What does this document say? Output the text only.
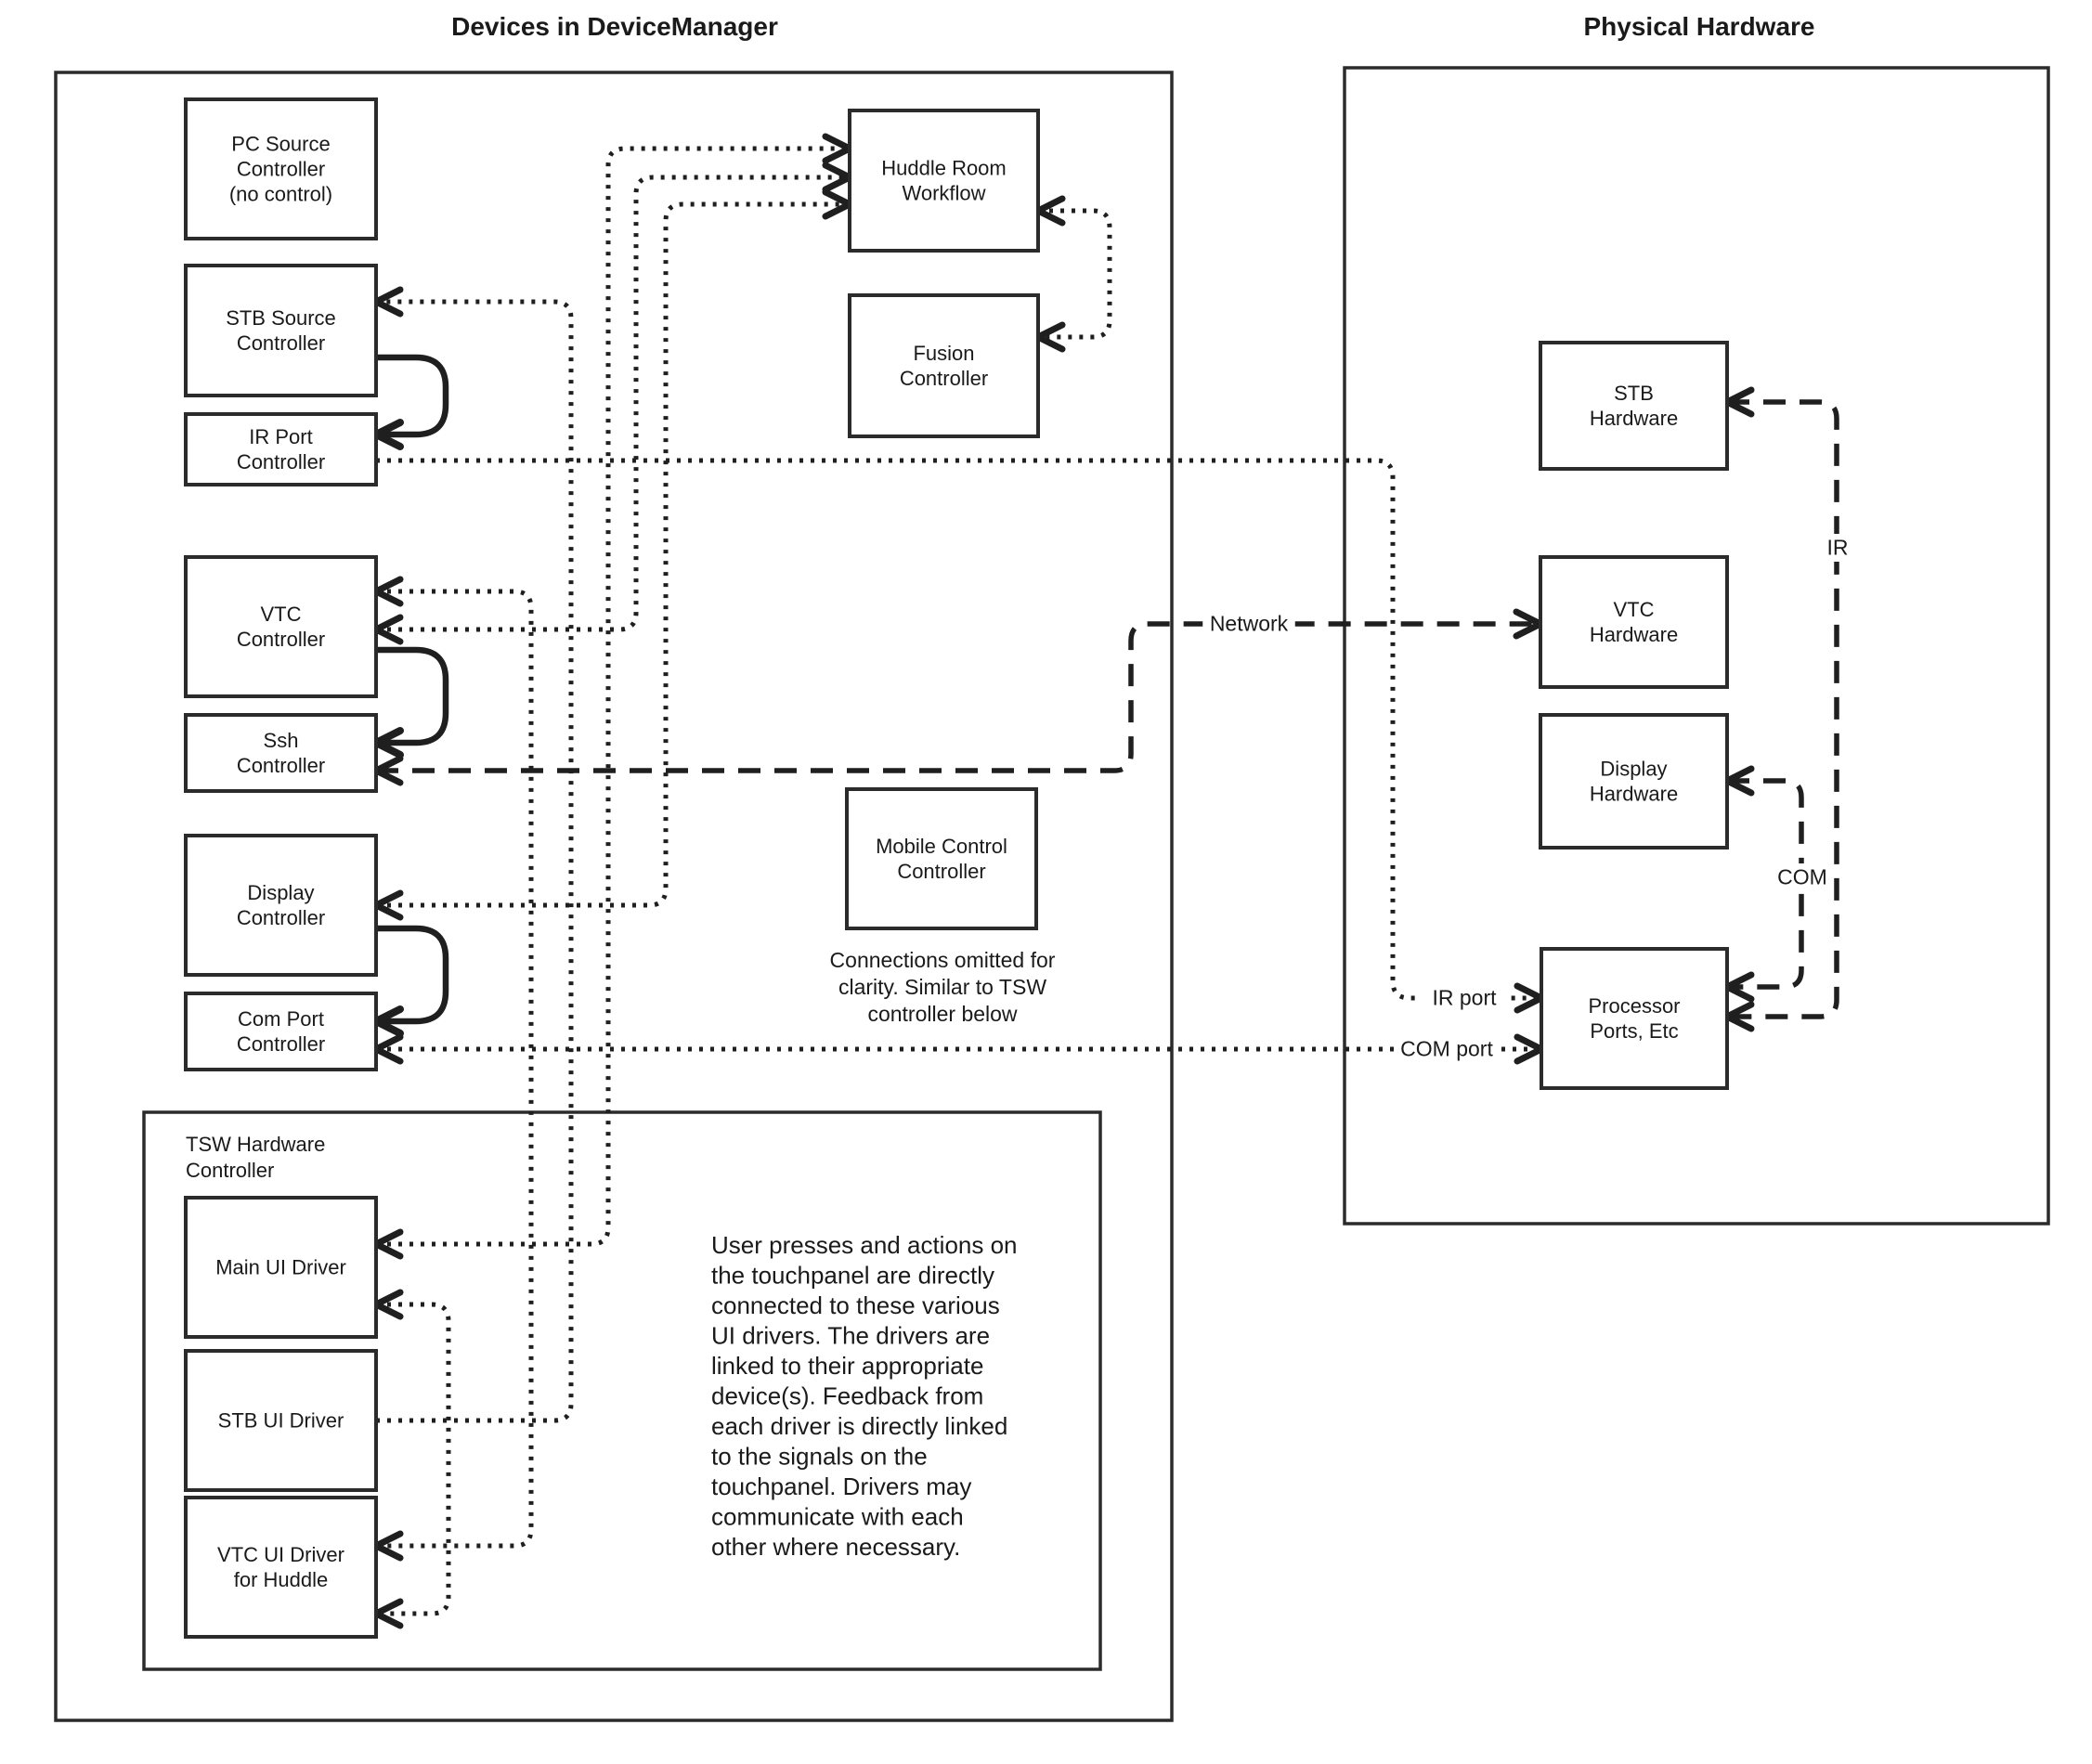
TSW Hardware Controller
Devices in DeviceManager	Physical Hardware
PC Source Controller (no control)
STB Source Controller
IR Port Controller
VTC Controller
Ssh Controller
Display Controller
Com Port Controller
Main UI Driver
STB UI Driver
VTC UI Driver for Huddle
Huddle Room Workflow
Fusion Controller
Mobile Control Controller
STB Hardware
VTC Hardware
Display Hardware
Processor Ports, Etc
Connections omitted for clarity. Similar to TSW controller below
User presses and actions on the touchpanel are directly connected to these various UI drivers. The drivers are linked to their appropriate device(s). Feedback from each driver is directly linked to the signals on the touchpanel. Drivers may communicate with each other where necessary.
IR port
COM port
Network
IR
COM
